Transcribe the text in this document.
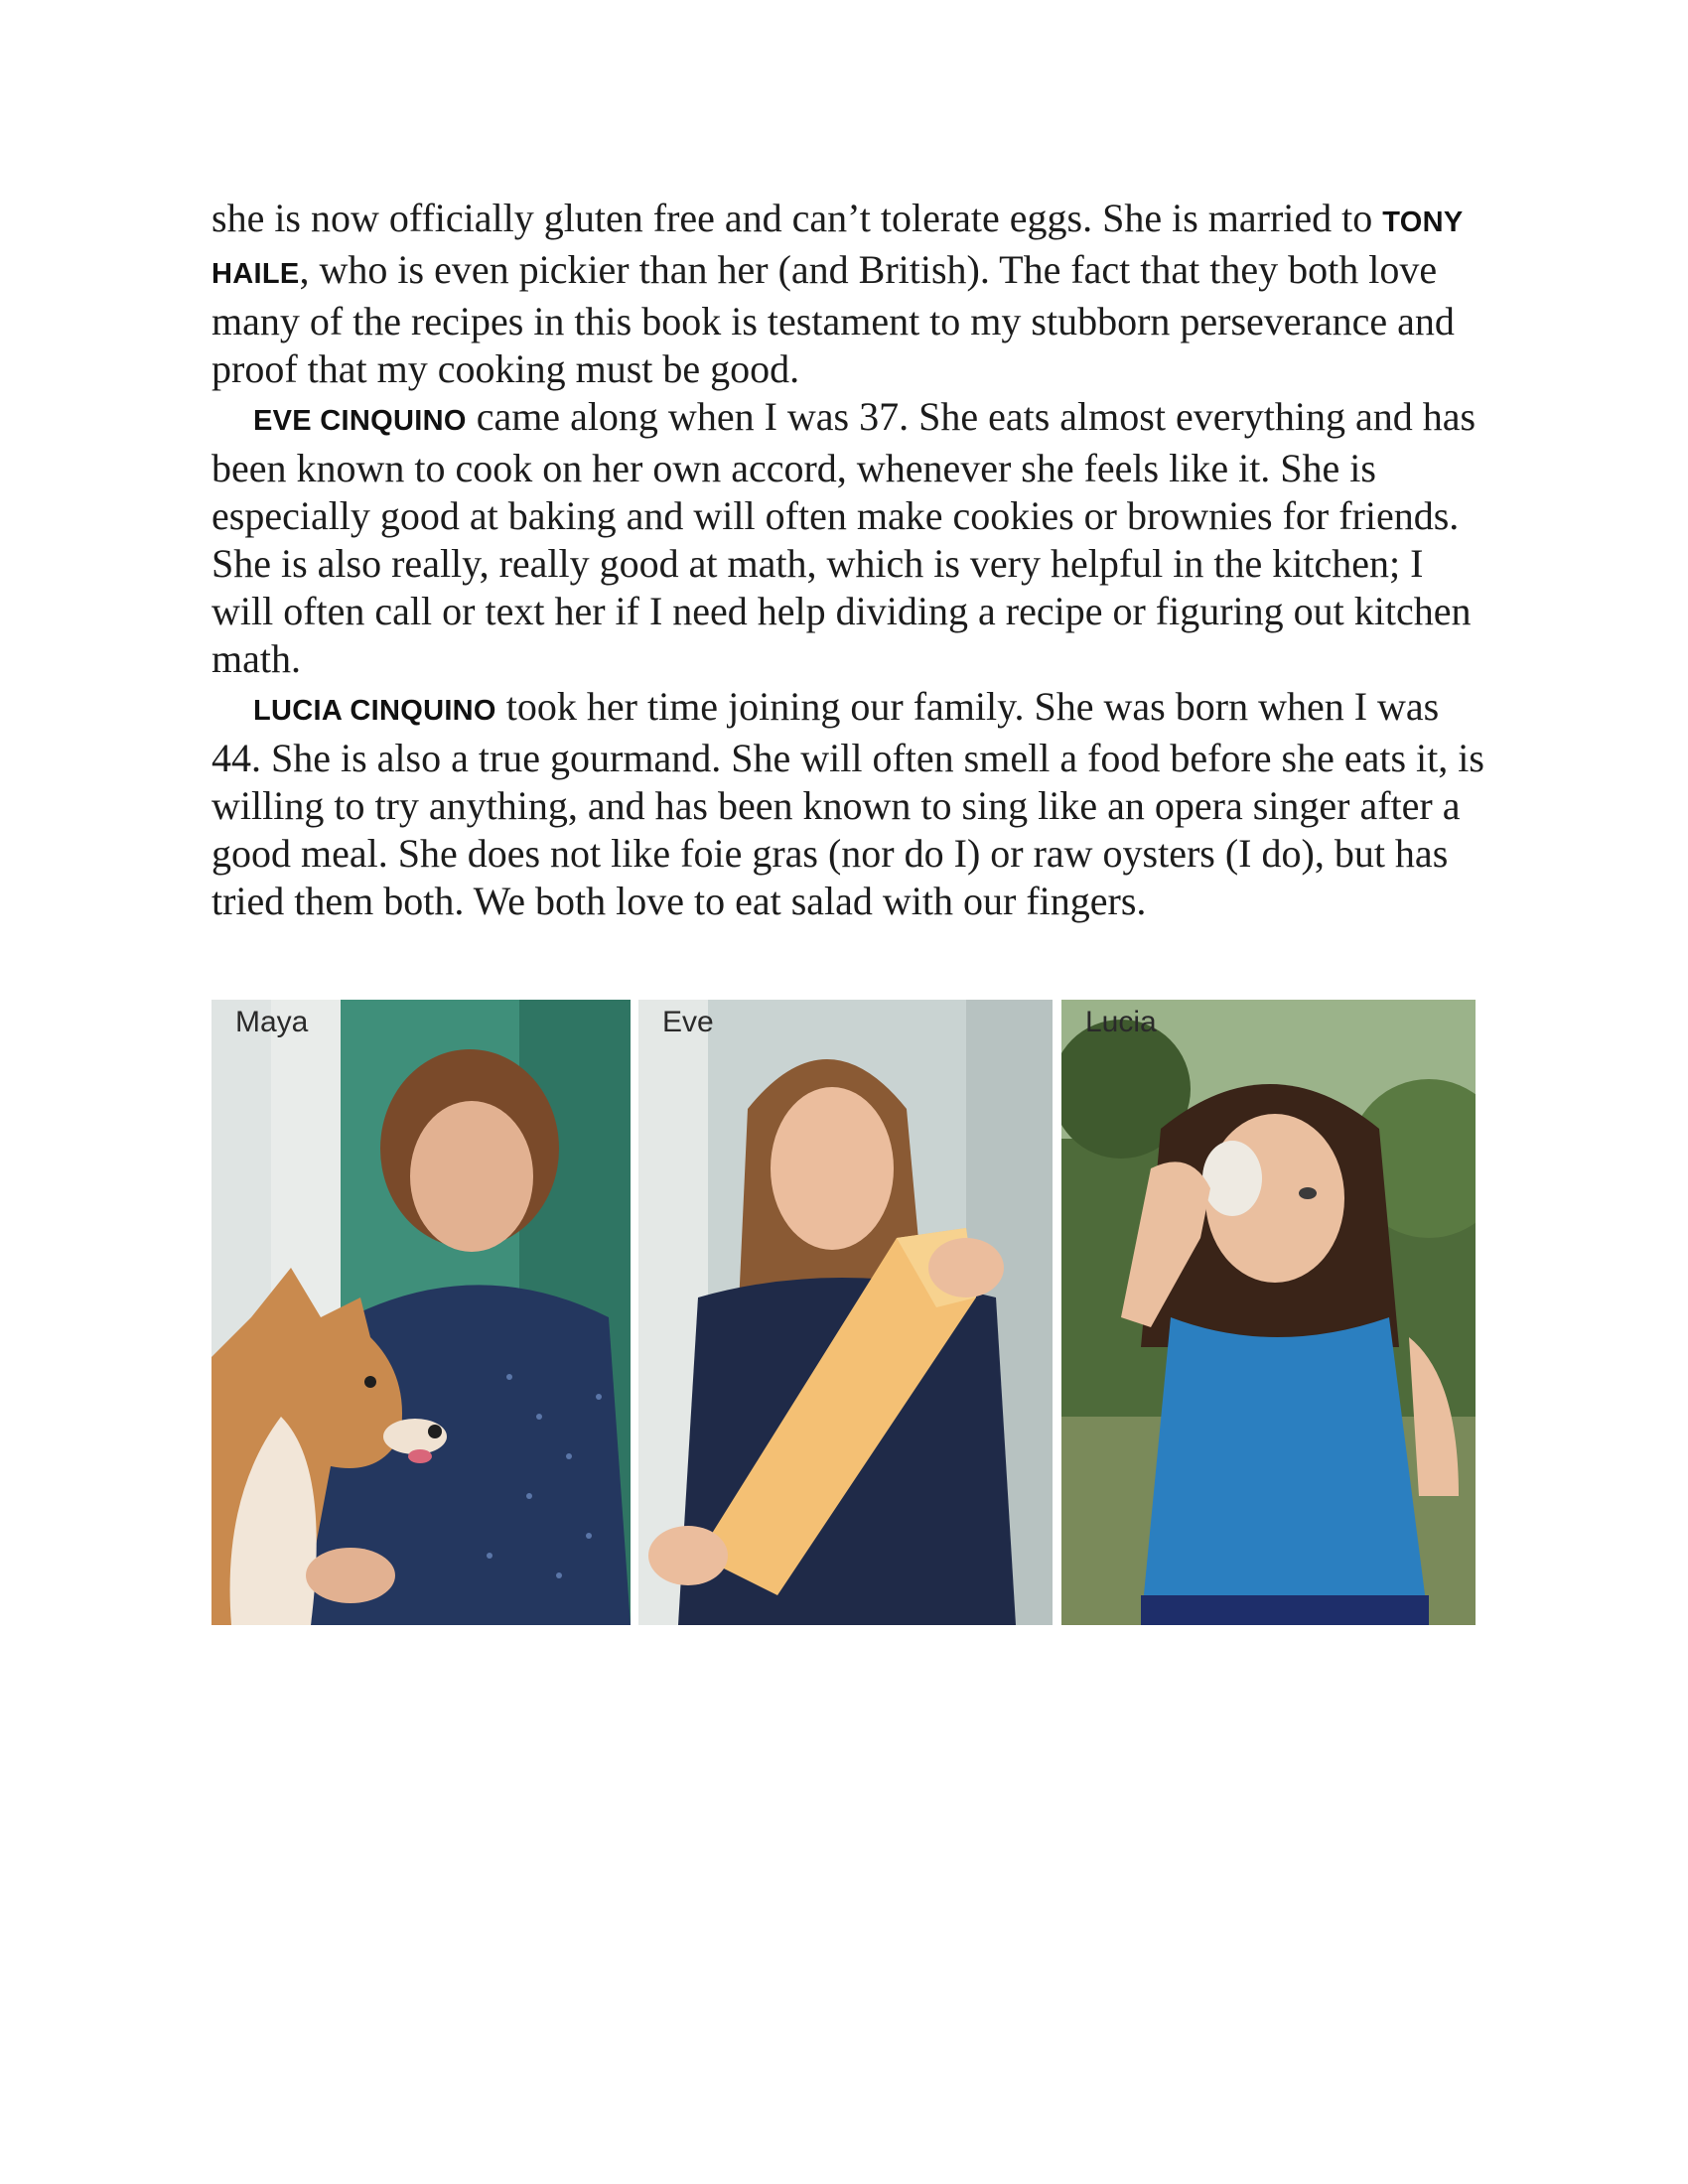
she is now officially gluten free and can’t tolerate eggs. She is married to TONY HAILE, who is even pickier than her (and British). The fact that they both love many of the recipes in this book is testament to my stubborn perseverance and proof that my cooking must be good.

EVE CINQUINO came along when I was 37. She eats almost everything and has been known to cook on her own accord, whenever she feels like it. She is especially good at baking and will often make cookies or brownies for friends. She is also really, really good at math, which is very helpful in the kitchen; I will often call or text her if I need help dividing a recipe or figuring out kitchen math.

LUCIA CINQUINO took her time joining our family. She was born when I was 44. She is also a true gourmand. She will often smell a food before she eats it, is willing to try anything, and has been known to sing like an opera singer after a good meal. She does not like foie gras (nor do I) or raw oysters (I do), but has tried them both. We both love to eat salad with our fingers.

Maya	Eve	Lucia
